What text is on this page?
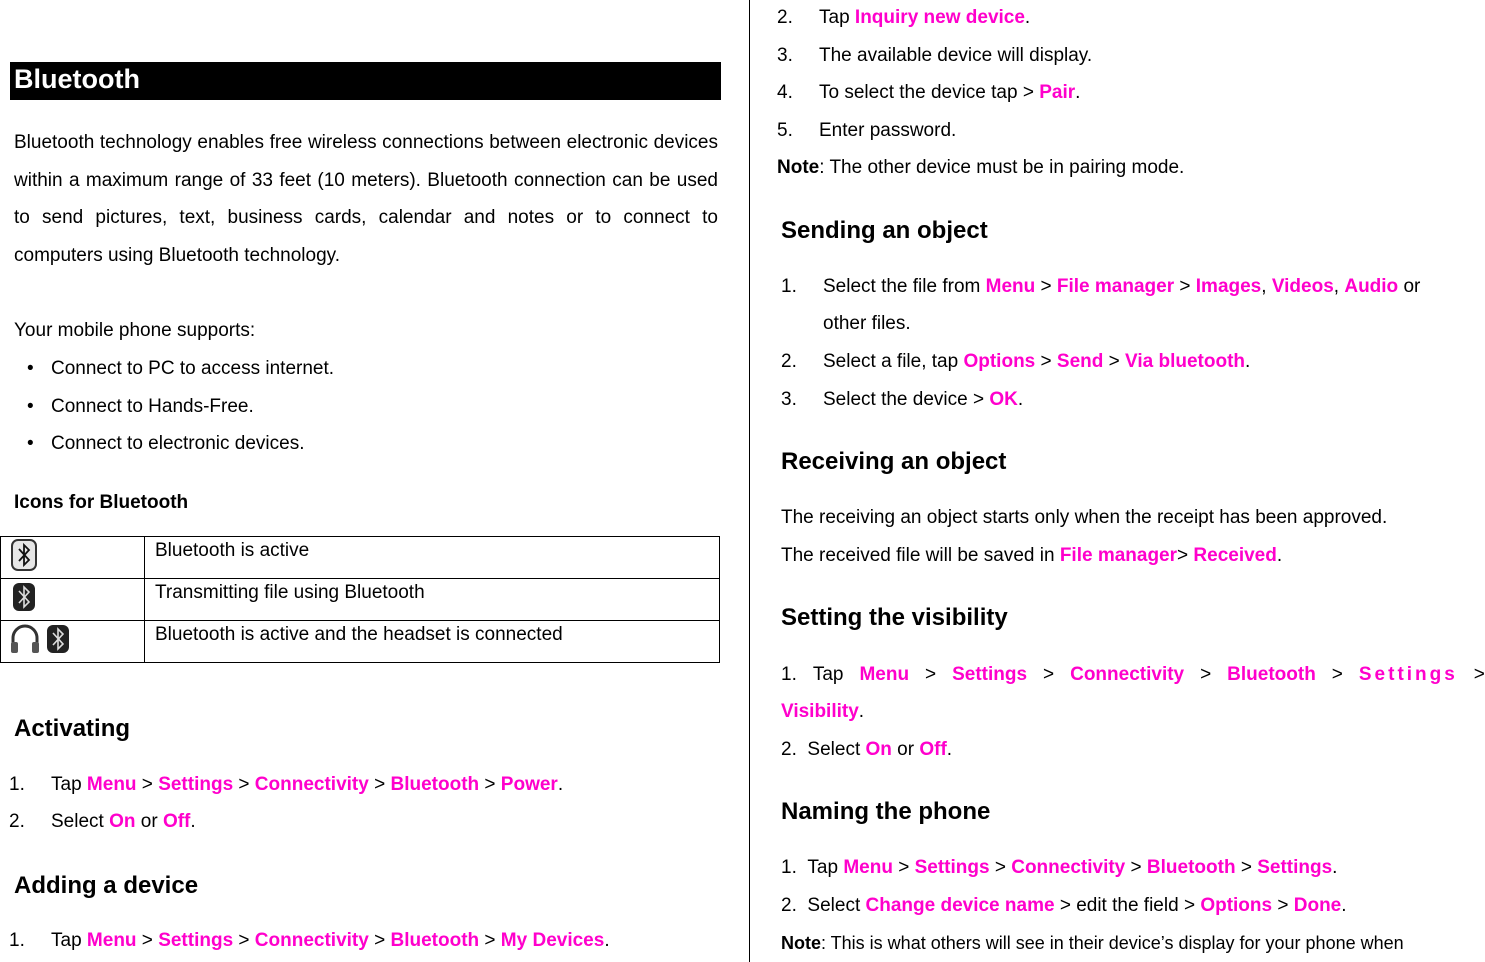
Bluetooth
Bluetooth technology enables free wireless connections between electronic devices within a maximum range of 33 feet (10 meters). Bluetooth connection can be used to send pictures, text, business cards, calendar and notes or to connect to computers using Bluetooth technology.
Your mobile phone supports:
• Connect to PC to access internet.
• Connect to Hands-Free.
• Connect to electronic devices.
Icons for Bluetooth
	Bluetooth is active
	Transmitting file using Bluetooth
	Bluetooth is active and the headset is connected
Activating
1. Tap Menu > Settings > Connectivity > Bluetooth > Power.
2. Select On or Off.
Adding a device
1. Tap Menu > Settings > Connectivity > Bluetooth > My Devices.
2. Tap Inquiry new device.
3. The available device will display.
4. To select the device tap > Pair.
5. Enter password.
Note: The other device must be in pairing mode.
Sending an object
1. Select the file from Menu > File manager > Images, Videos, Audio or
other files.
2. Select a file, tap Options > Send > Via bluetooth.
3. Select the device > OK.
Receiving an object
The receiving an object starts only when the receipt has been approved.
The received file will be saved in File manager> Received.
Setting the visibility
1. Tap Menu > Settings > Connectivity > Bluetooth > Settings >
Visibility.
2. Select On or Off.
Naming the phone
1. Tap Menu > Settings > Connectivity > Bluetooth > Settings.
2. Select Change device name > edit the field > Options > Done.
Note: This is what others will see in their device’s display for your phone when
